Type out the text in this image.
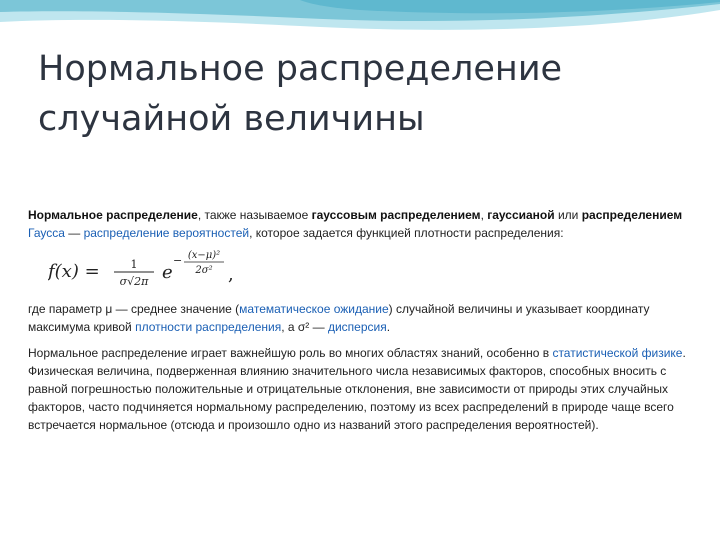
Нормальное распределение
случайной величины

Нормальное распределение, также называемое гауссовым распределением, гауссианой или распределением Гаусса — распределение вероятностей, которое задается функцией плотности распределения:

f(x) =	1
σ√2π e
− (x−μ)²
2σ² ,

где параметр μ — среднее значение (математическое ожидание) случайной величины и указывает координату максимума кривой плотности распределения, а σ² — дисперсия.

Нормальное распределение играет важнейшую роль во многих областях знаний, особенно в статистической физике. Физическая величина, подверженная влиянию значительного числа независимых факторов, способных вносить с равной погрешностью положительные и отрицательные отклонения, вне зависимости от природы этих случайных факторов, часто подчиняется нормальному распределению, поэтому из всех распределений в природе чаще всего встречается нормальное (отсюда и произошло одно из названий этого распределения вероятностей).
